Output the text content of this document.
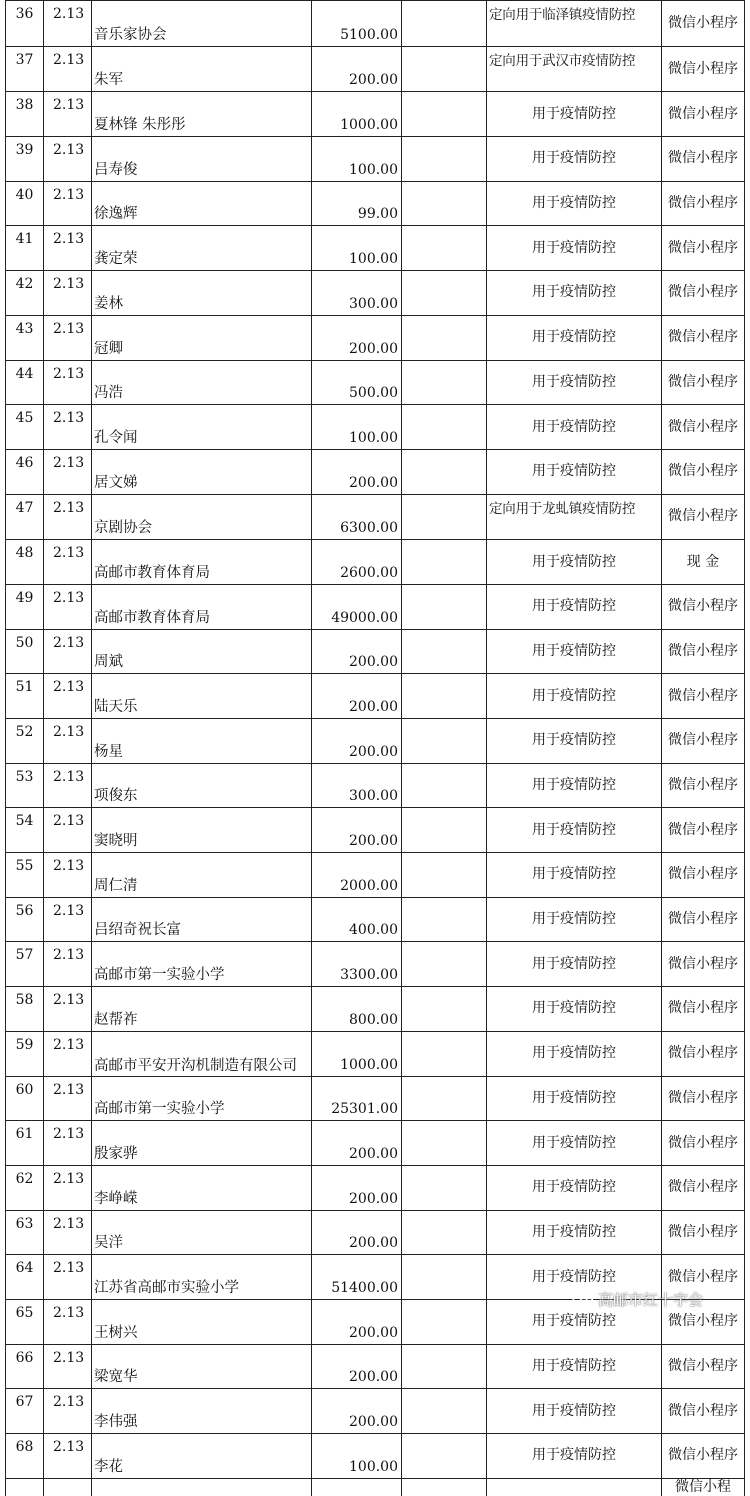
36	2.13	音乐家协会	5100.00		定向用于临泽镇疫情防控	微信小程序
37	2.13	朱军	200.00		定向用于武汉市疫情防控	微信小程序
38	2.13	夏林锋 朱彤彤	1000.00		用于疫情防控	微信小程序
39	2.13	吕寿俊	100.00		用于疫情防控	微信小程序
40	2.13	徐逸辉	99.00		用于疫情防控	微信小程序
41	2.13	龚定荣	100.00		用于疫情防控	微信小程序
42	2.13	姜林	300.00		用于疫情防控	微信小程序
43	2.13	冠卿	200.00		用于疫情防控	微信小程序
44	2.13	冯浩	500.00		用于疫情防控	微信小程序
45	2.13	孔令闻	100.00		用于疫情防控	微信小程序
46	2.13	居文娣	200.00		用于疫情防控	微信小程序
47	2.13	京剧协会	6300.00		定向用于龙虬镇疫情防控	微信小程序
48	2.13	高邮市教育体育局	2600.00		用于疫情防控	现 金
49	2.13	高邮市教育体育局	49000.00		用于疫情防控	微信小程序
50	2.13	周斌	200.00		用于疫情防控	微信小程序
51	2.13	陆天乐	200.00		用于疫情防控	微信小程序
52	2.13	杨星	200.00		用于疫情防控	微信小程序
53	2.13	项俊东	300.00		用于疫情防控	微信小程序
54	2.13	窦晓明	200.00		用于疫情防控	微信小程序
55	2.13	周仁清	2000.00		用于疫情防控	微信小程序
56	2.13	吕绍奇祝长富	400.00		用于疫情防控	微信小程序
57	2.13	高邮市第一实验小学	3300.00		用于疫情防控	微信小程序
58	2.13	赵帮祚	800.00		用于疫情防控	微信小程序
59	2.13	高邮市平安开沟机制造有限公司	1000.00		用于疫情防控	微信小程序
60	2.13	高邮市第一实验小学	25301.00		用于疫情防控	微信小程序
61	2.13	殷家骅	200.00		用于疫情防控	微信小程序
62	2.13	李峥嵘	200.00		用于疫情防控	微信小程序
63	2.13	吴洋	200.00		用于疫情防控	微信小程序
64	2.13	江苏省高邮市实验小学	51400.00		用于疫情防控	微信小程序
65	2.13	王树兴	200.00		用于疫情防控	微信小程序
66	2.13	梁宽华	200.00		用于疫情防控	微信小程序
67	2.13	李伟强	200.00		用于疫情防控	微信小程序
68	2.13	李花	100.00		用于疫情防控	微信小程序
						微信小程
高邮市红十字会
